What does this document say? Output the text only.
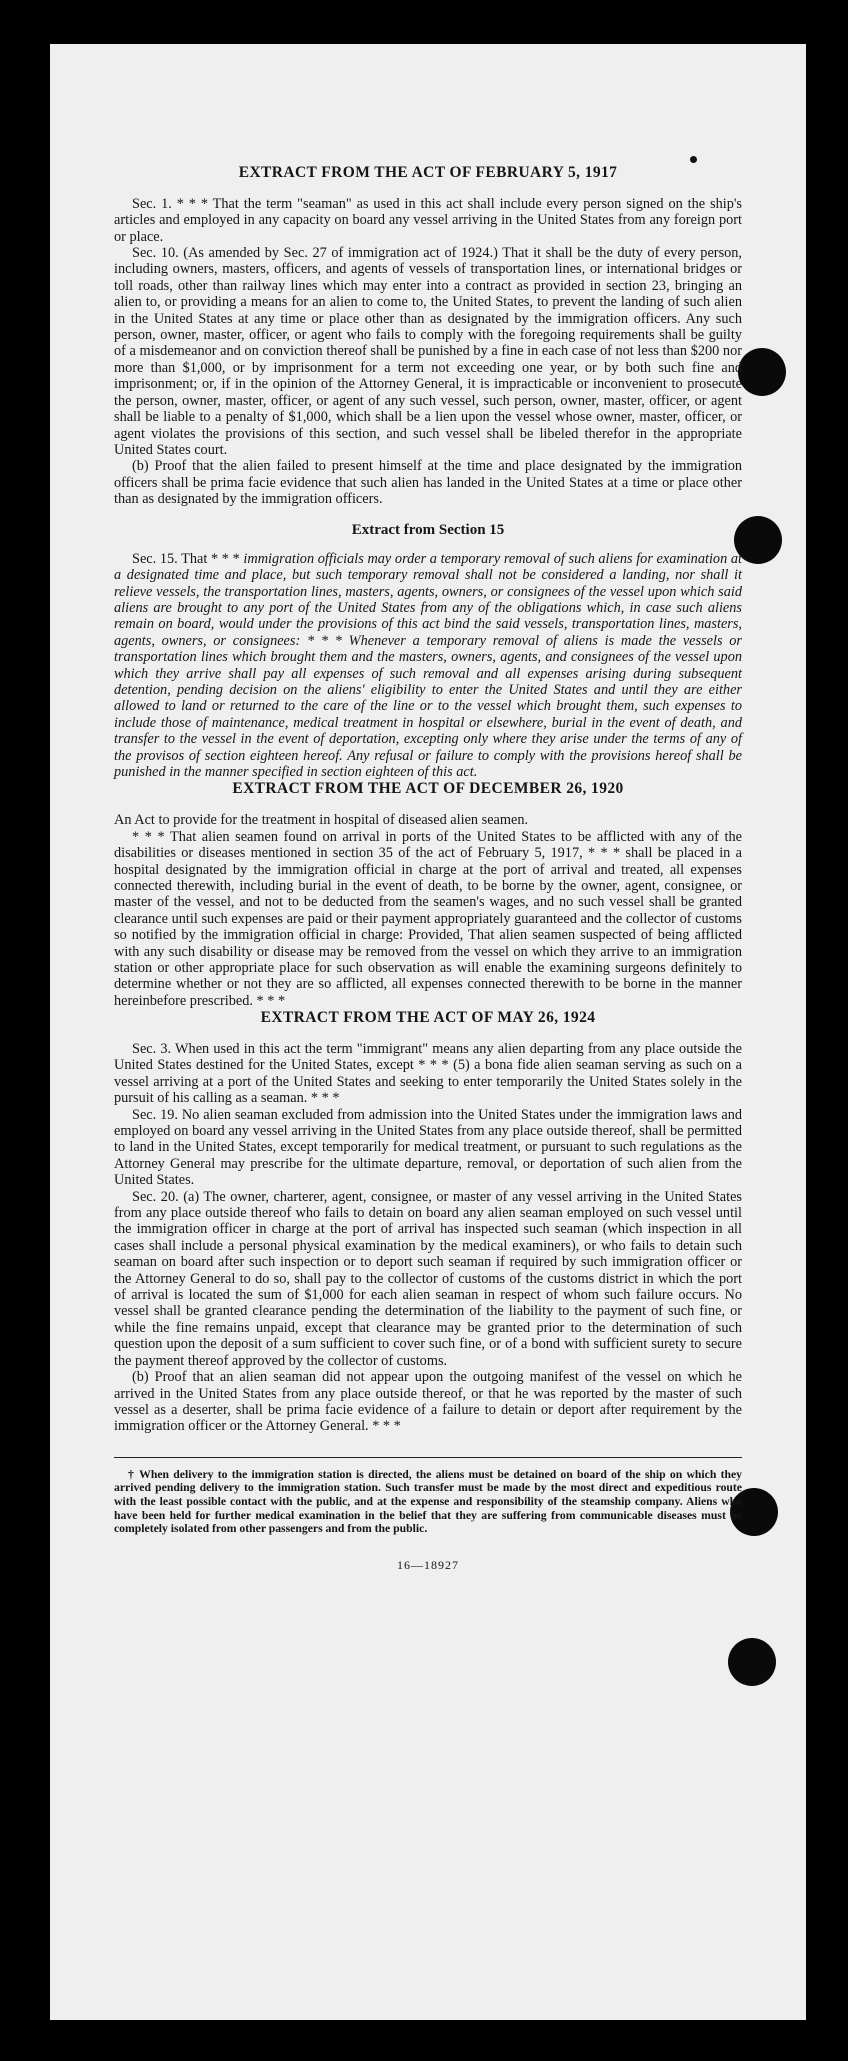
EXTRACT FROM THE ACT OF FEBRUARY 5, 1917

Sec. 1. * * * That the term "seaman" as used in this act shall include every person signed on the ship's articles and employed in any capacity on board any vessel arriving in the United States from any foreign port or place.

Sec. 10. (As amended by Sec. 27 of immigration act of 1924.) That it shall be the duty of every person, including owners, masters, officers, and agents of vessels of transportation lines, or international bridges or toll roads, other than railway lines which may enter into a contract as provided in section 23, bringing an alien to, or providing a means for an alien to come to, the United States, to prevent the landing of such alien in the United States at any time or place other than as designated by the immigration officers. Any such person, owner, master, officer, or agent who fails to comply with the foregoing requirements shall be guilty of a misdemeanor and on conviction thereof shall be punished by a fine in each case of not less than $200 nor more than $1,000, or by imprisonment for a term not exceeding one year, or by both such fine and imprisonment; or, if in the opinion of the Attorney General, it is impracticable or inconvenient to prosecute the person, owner, master, officer, or agent of any such vessel, such person, owner, master, officer, or agent shall be liable to a penalty of $1,000, which shall be a lien upon the vessel whose owner, master, officer, or agent violates the provisions of this section, and such vessel shall be libeled therefor in the appropriate United States court.

(b) Proof that the alien failed to present himself at the time and place designated by the immigration officers shall be prima facie evidence that such alien has landed in the United States at a time or place other than as designated by the immigration officers.

Extract from Section 15

Sec. 15. That * * * immigration officials may order a temporary removal of such aliens for examination at a designated time and place, but such temporary removal shall not be considered a landing, nor shall it relieve vessels, the transportation lines, masters, agents, owners, or consignees of the vessel upon which said aliens are brought to any port of the United States from any of the obligations which, in case such aliens remain on board, would under the provisions of this act bind the said vessels, transportation lines, masters, agents, owners, or consignees: * * * Whenever a temporary removal of aliens is made the vessels or transportation lines which brought them and the masters, owners, agents, and consignees of the vessel upon which they arrive shall pay all expenses of such removal and all expenses arising during subsequent detention, pending decision on the aliens' eligibility to enter the United States and until they are either allowed to land or returned to the care of the line or to the vessel which brought them, such expenses to include those of maintenance, medical treatment in hospital or elsewhere, burial in the event of death, and transfer to the vessel in the event of deportation, excepting only where they arise under the terms of any of the provisos of section eighteen hereof. Any refusal or failure to comply with the provisions hereof shall be punished in the manner specified in section eighteen of this act.

EXTRACT FROM THE ACT OF DECEMBER 26, 1920

An Act to provide for the treatment in hospital of diseased alien seamen.

* * * That alien seamen found on arrival in ports of the United States to be afflicted with any of the disabilities or diseases mentioned in section 35 of the act of February 5, 1917, * * * shall be placed in a hospital designated by the immigration official in charge at the port of arrival and treated, all expenses connected therewith, including burial in the event of death, to be borne by the owner, agent, consignee, or master of the vessel, and not to be deducted from the seamen's wages, and no such vessel shall be granted clearance until such expenses are paid or their payment appropriately guaranteed and the collector of customs so notified by the immigration official in charge: Provided, That alien seamen suspected of being afflicted with any such disability or disease may be removed from the vessel on which they arrive to an immigration station or other appropriate place for such observation as will enable the examining surgeons definitely to determine whether or not they are so afflicted, all expenses connected therewith to be borne in the manner hereinbefore prescribed. * * *

EXTRACT FROM THE ACT OF MAY 26, 1924

Sec. 3. When used in this act the term "immigrant" means any alien departing from any place outside the United States destined for the United States, except * * * (5) a bona fide alien seaman serving as such on a vessel arriving at a port of the United States and seeking to enter temporarily the United States solely in the pursuit of his calling as a seaman. * * *

Sec. 19. No alien seaman excluded from admission into the United States under the immigration laws and employed on board any vessel arriving in the United States from any place outside thereof, shall be permitted to land in the United States, except temporarily for medical treatment, or pursuant to such regulations as the Attorney General may prescribe for the ultimate departure, removal, or deportation of such alien from the United States.

Sec. 20. (a) The owner, charterer, agent, consignee, or master of any vessel arriving in the United States from any place outside thereof who fails to detain on board any alien seaman employed on such vessel until the immigration officer in charge at the port of arrival has inspected such seaman (which inspection in all cases shall include a personal physical examination by the medical examiners), or who fails to detain such seaman on board after such inspection or to deport such seaman if required by such immigration officer or the Attorney General to do so, shall pay to the collector of customs of the customs district in which the port of arrival is located the sum of $1,000 for each alien seaman in respect of whom such failure occurs. No vessel shall be granted clearance pending the determination of the liability to the payment of such fine, or while the fine remains unpaid, except that clearance may be granted prior to the determination of such question upon the deposit of a sum sufficient to cover such fine, or of a bond with sufficient surety to secure the payment thereof approved by the collector of customs.

(b) Proof that an alien seaman did not appear upon the outgoing manifest of the vessel on which he arrived in the United States from any place outside thereof, or that he was reported by the master of such vessel as a deserter, shall be prima facie evidence of a failure to detain or deport after requirement by the immigration officer or the Attorney General. * * *

† When delivery to the immigration station is directed, the aliens must be detained on board of the ship on which they arrived pending delivery to the immigration station. Such transfer must be made by the most direct and expeditious route with the least possible contact with the public, and at the expense and responsibility of the steamship company. Aliens who have been held for further medical examination in the belief that they are suffering from communicable diseases must be completely isolated from other passengers and from the public.
16—18927
